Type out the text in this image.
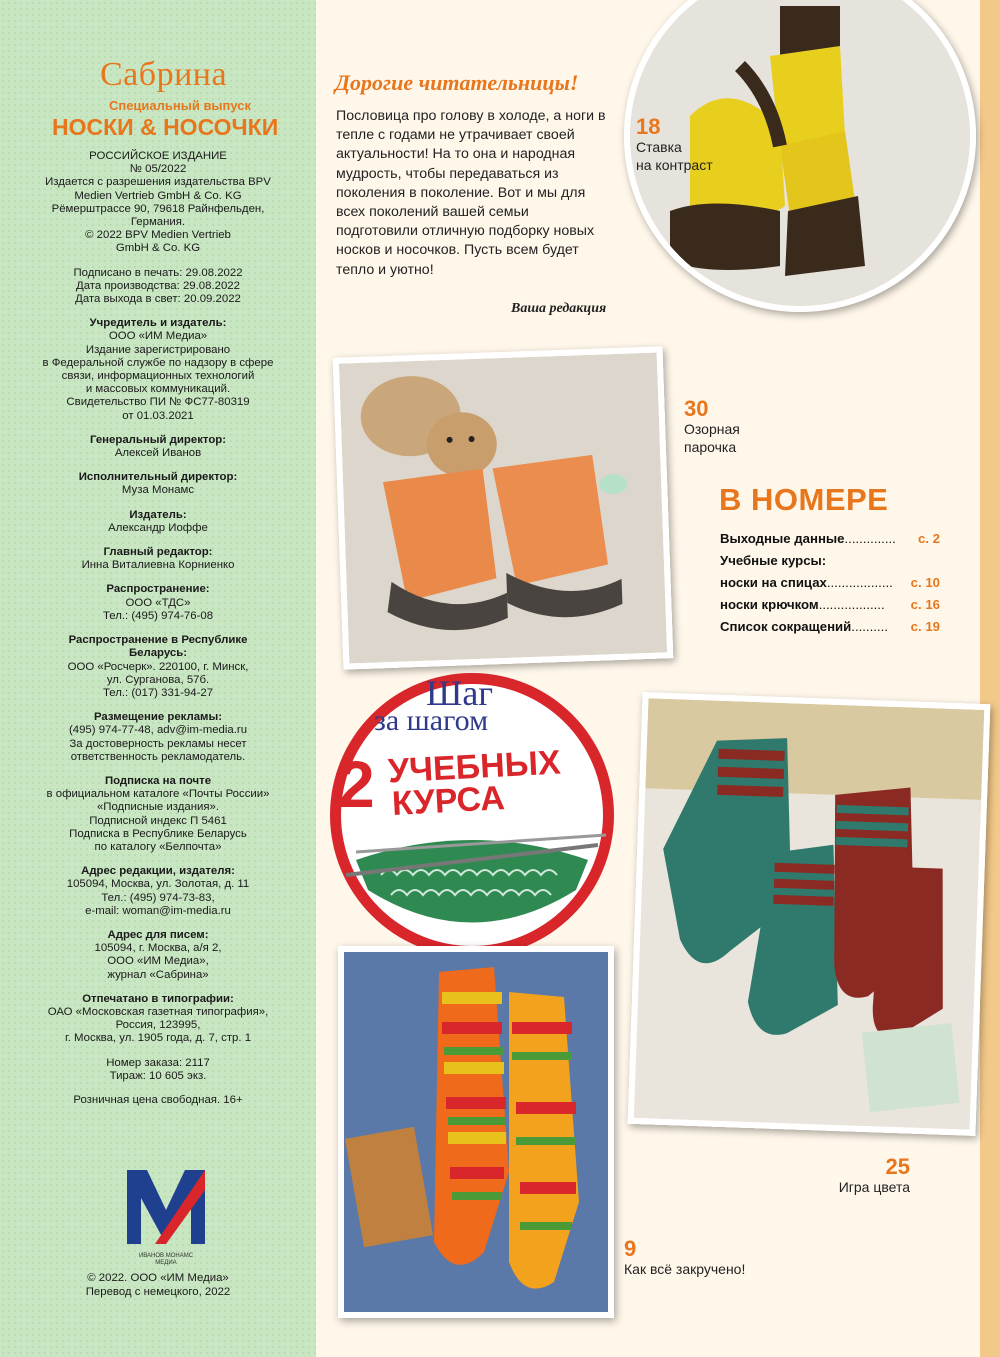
Сабрина
Специальный выпуск
НОСКИ & НОСОЧКИ

РОССИЙСКОЕ ИЗДАНИЕ

№ 05/2022

Издается с разрешения издательства BPV

Medien Vertrieb GmbH & Co. KG

Рёмерштрассе 90, 79618 Райнфельден,

Германия.

© 2022 BPV Medien Vertrieb

GmbH & Co. KG

Подписано в печать: 29.08.2022

Дата производства: 29.08.2022

Дата выхода в свет: 20.09.2022

Учредитель и издатель:

ООО «ИМ Медиа»

Издание зарегистрировано

в Федеральной службе по надзору в сфере

связи, информационных технологий

и массовых коммуникаций.

Свидетельство ПИ № ФС77-80319

от 01.03.2021

Генеральный директор:

Алексей Иванов

Исполнительный директор:

Муза Монамс

Издатель:

Александр Иоффе

Главный редактор:

Инна Виталиевна Корниенко

Распространение:

ООО «ТДС»

Тел.: (495) 974-76-08

Распространение в Республике Беларусь:

ООО «Росчерк». 220100, г. Минск,

ул. Сурганова, 57б.

Тел.: (017) 331-94-27

Размещение рекламы:

(495) 974-77-48, adv@im-media.ru

За достоверность рекламы несет

ответственность рекламодатель.

Подписка на почте

в официальном каталоге «Почты России»

«Подписные издания».

Подписной индекс П 5461

Подписка в Республике Беларусь

по каталогу «Белпочта»

Адрес редакции, издателя:

105094, Москва, ул. Золотая, д. 11

Тел.: (495) 974-73-83,

e-mail: woman@im-media.ru

Адрес для писем:

105094, г. Москва, а/я 2,

ООО «ИМ Медиа»,

журнал «Сабрина»

Отпечатано в типографии:

ОАО «Московская газетная типография»,

Россия, 123995,

г. Москва, ул. 1905 года, д. 7, стр. 1

Номер заказа: 2117

Тираж: 10 605 экз.

Розничная цена свободная. 16+

ИВАНОВ МОНАМС
МЕДИА
© 2022. ООО «ИМ Медиа»
Перевод с немецкого, 2022
Дорогие читательницы!
Пословица про голову в холоде, а ноги в тепле с годами не утрачивает своей актуальности! На то она и народная мудрость, чтобы передаваться из поколения в поколение. Вот и мы для всех поколений вашей семьи подготовили отличную подборку новых носков и носочков. Пусть всем будет тепло и уютно!
Ваша редакция
18
Ставка
на контраст
30
Озорная
парочка
В НОМЕРЕ
Выходные данные ..............	с. 2
Учебные курсы:
носки на спицах ..................	с. 10
носки крючком ..................	с. 16
Список сокращений ..........	с. 19
Шаг
за шагом
2 УЧЕБНЫХ
КУРСА
25
Игра цвета
9
Как всё закручено!
